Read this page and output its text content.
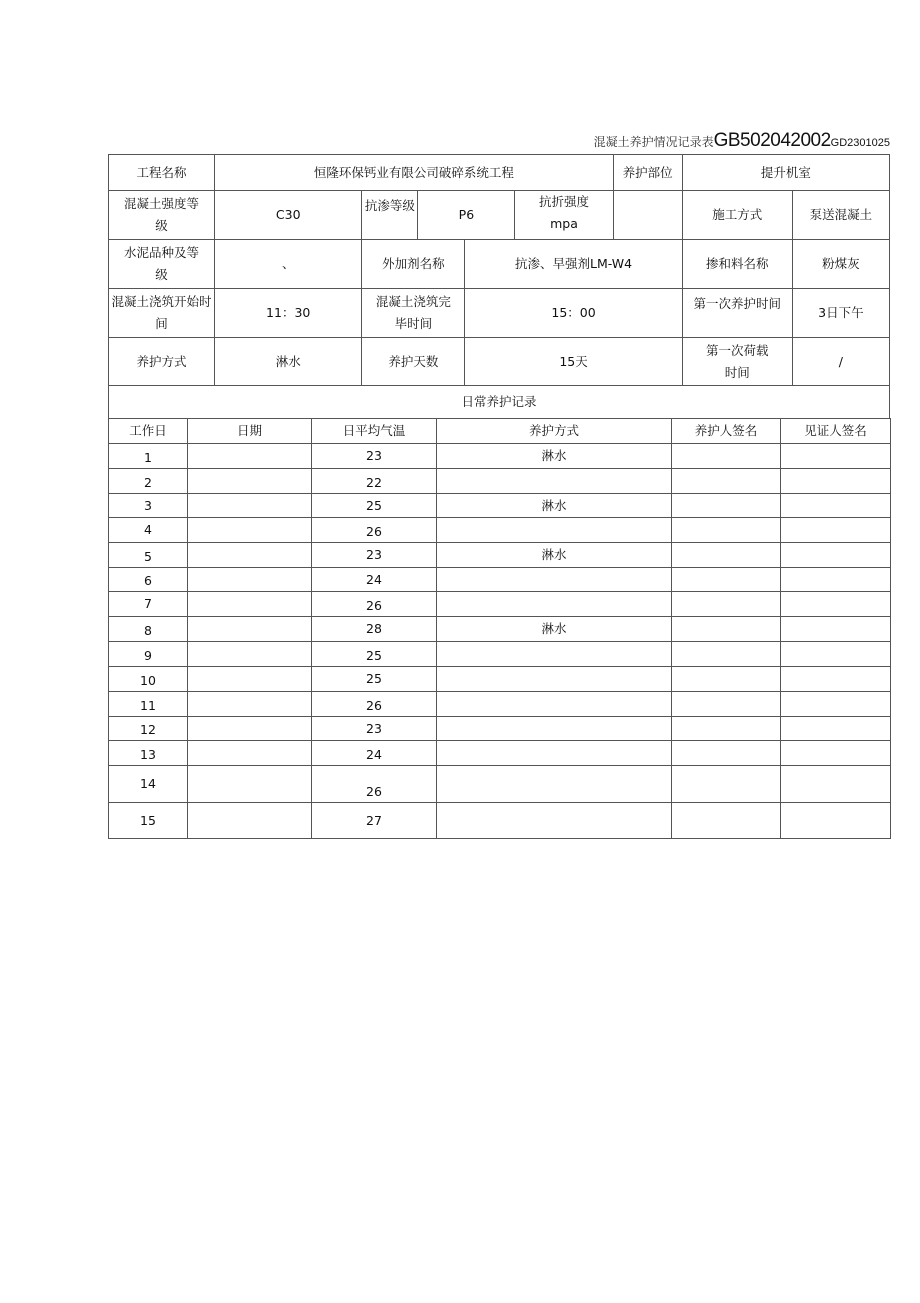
混凝土养护情况记录表GB502042002GD2301025
工程名称	恒隆环保钙业有限公司破碎系统工程					养护部位	提升机室	
混凝土强度等级	C30	抗渗等级	P6		抗折强度mpa		施工方式	泵送混凝土
水泥品种及等级	、	外加剂名称		抗渗、早强剂LM-W4			掺和料名称	粉煤灰
混凝土浇筑开始时间	11：30	混凝土浇筑完毕时间		15：00			第一次养护时间	3日下午
养护方式	淋水	养护天数		15天			第一次荷载时间	/
日常养护记录								
工作日	日期	日平均气温	养护方式	养护人签名	见证人签名
1		23	淋水		
2		22			
3		25	淋水		
4		26			
5		23	淋水		
6		24			
7		26			
8		28	淋水		
9		25			
10		25			
11		26			
12		23			
13		24			
14		26			
15		27			
